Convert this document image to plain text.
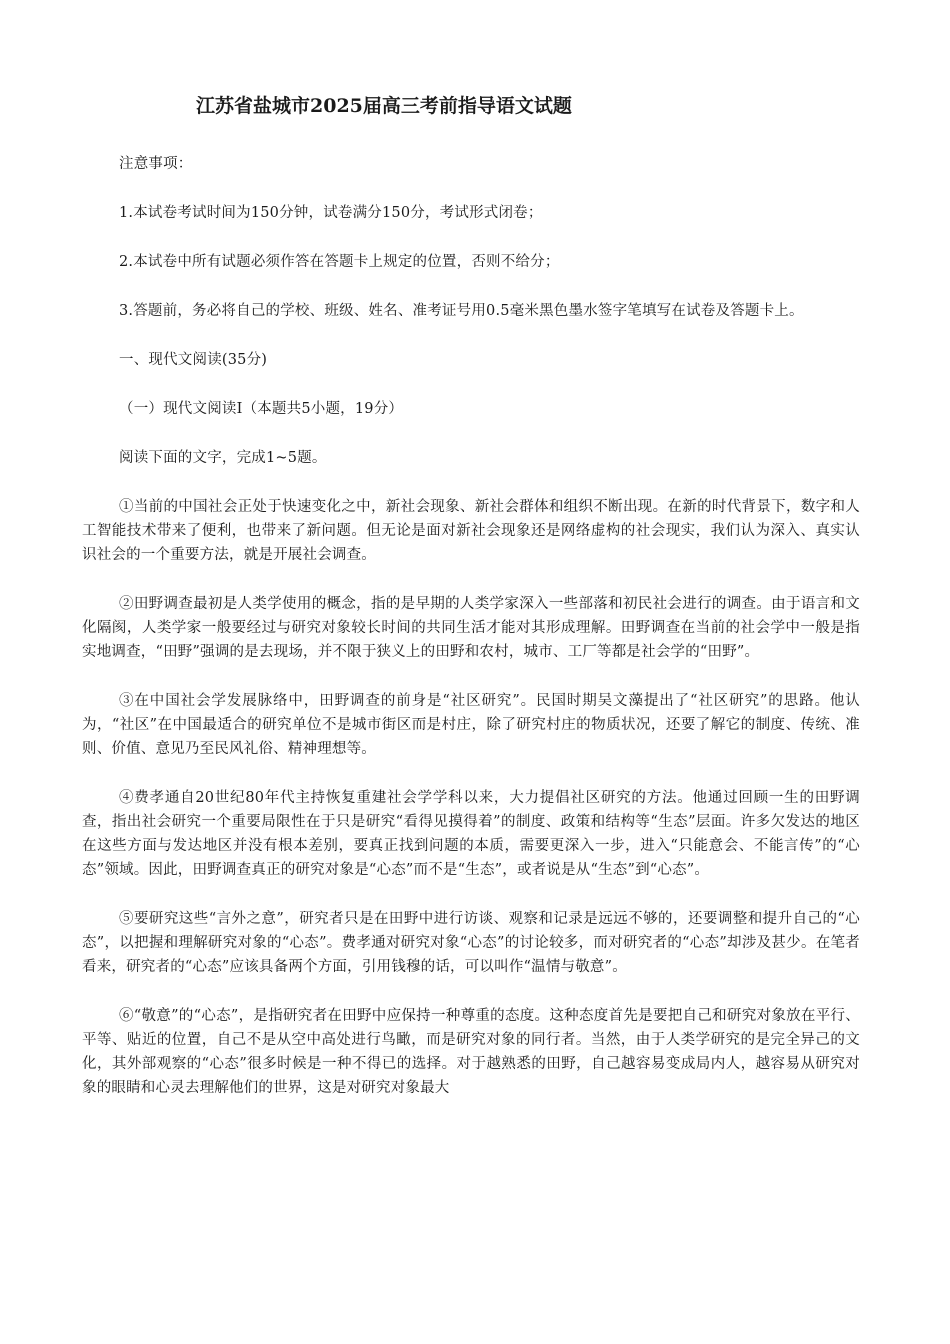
江苏省盐城市2025届高三考前指导语文试题

注意事项：

1.本试卷考试时间为150分钟，试卷满分150分，考试形式闭卷；

2.本试卷中所有试题必须作答在答题卡上规定的位置，否则不给分；

3.答题前，务必将自己的学校、班级、姓名、准考证号用0.5毫米黑色墨水签字笔填写在试卷及答题卡上。

一、现代文阅读(35分)

（一）现代文阅读Ⅰ（本题共5小题，19分）

阅读下面的文字，完成1~5题。

①当前的中国社会正处于快速变化之中，新社会现象、新社会群体和组织不断出现。在新的时代背景下，数字和人工智能技术带来了便利，也带来了新问题。但无论是面对新社会现象还是网络虚构的社会现实，我们认为深入、真实认识社会的一个重要方法，就是开展社会调查。

②田野调查最初是人类学使用的概念，指的是早期的人类学家深入一些部落和初民社会进行的调查。由于语言和文化隔阂，人类学家一般要经过与研究对象较长时间的共同生活才能对其形成理解。田野调查在当前的社会学中一般是指实地调查，“田野”强调的是去现场，并不限于狭义上的田野和农村，城市、工厂等都是社会学的“田野”。

③在中国社会学发展脉络中，田野调查的前身是“社区研究”。民国时期吴文藻提出了“社区研究”的思路。他认为，“社区”在中国最适合的研究单位不是城市街区而是村庄，除了研究村庄的物质状况，还要了解它的制度、传统、准则、价值、意见乃至民风礼俗、精神理想等。

④费孝通自20世纪80年代主持恢复重建社会学学科以来，大力提倡社区研究的方法。他通过回顾一生的田野调查，指出社会研究一个重要局限性在于只是研究“看得见摸得着”的制度、政策和结构等“生态”层面。许多欠发达的地区在这些方面与发达地区并没有根本差别，要真正找到问题的本质，需要更深入一步，进入“只能意会、不能言传”的“心态”领域。因此，田野调查真正的研究对象是“心态”而不是“生态”，或者说是从“生态”到“心态”。

⑤要研究这些“言外之意”，研究者只是在田野中进行访谈、观察和记录是远远不够的，还要调整和提升自己的“心态”，以把握和理解研究对象的“心态”。费孝通对研究对象“心态”的讨论较多，而对研究者的“心态”却涉及甚少。在笔者看来，研究者的“心态”应该具备两个方面，引用钱穆的话，可以叫作“温情与敬意”。

⑥“敬意”的“心态”，是指研究者在田野中应保持一种尊重的态度。这种态度首先是要把自己和研究对象放在平行、平等、贴近的位置，自己不是从空中高处进行鸟瞰，而是研究对象的同行者。当然，由于人类学研究的是完全异己的文化，其外部观察的“心态”很多时候是一种不得已的选择。对于越熟悉的田野，自己越容易变成局内人，越容易从研究对象的眼睛和心灵去理解他们的世界，这是对研究对象最大
